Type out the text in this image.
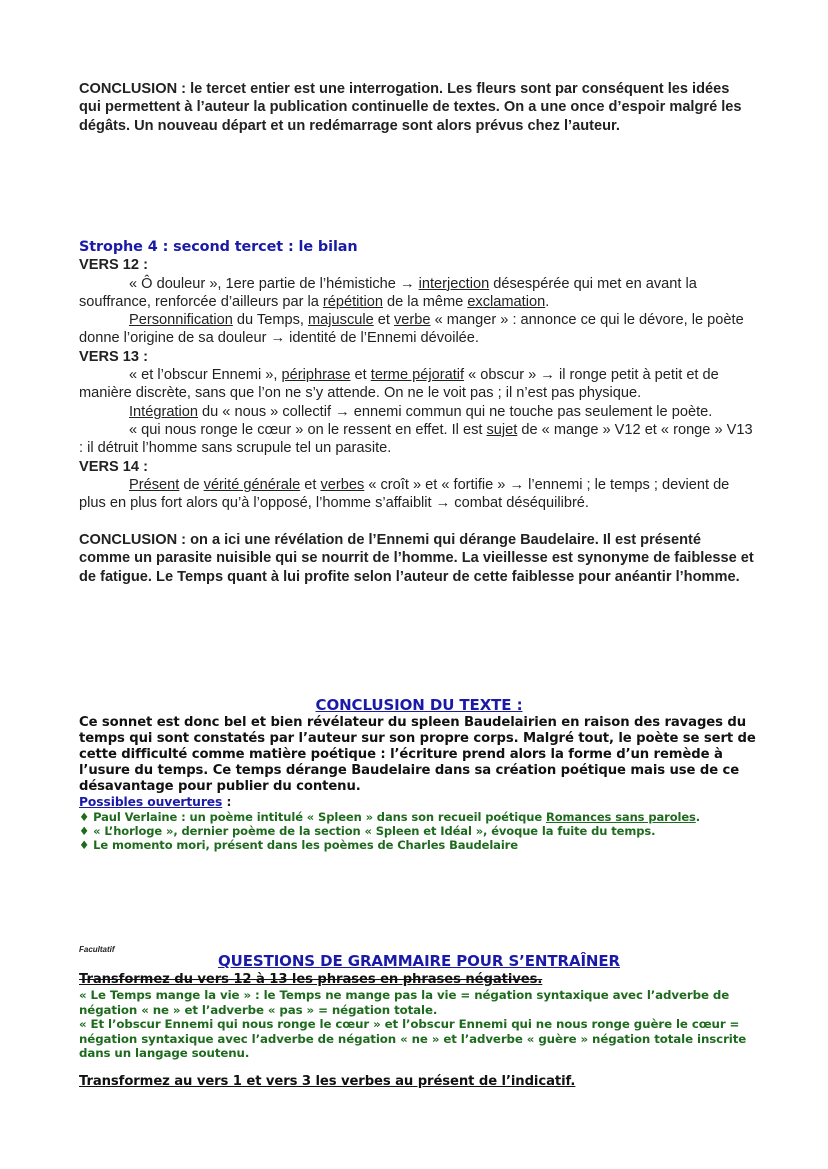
CONCLUSION : le tercet entier est une interrogation. Les fleurs sont par conséquent les idées qui permettent à l’auteur la publication continuelle de textes. On a une once d’espoir malgré les dégâts. Un nouveau départ et un redémarrage sont alors prévus chez l’auteur.

Strophe 4 : second tercet : le bilan

VERS 12 :

« Ô douleur », 1ere partie de l’hémistiche → interjection désespérée qui met en avant la souffrance, renforcée d’ailleurs par la répétition de la même exclamation.

Personnification du Temps, majuscule et verbe « manger » : annonce ce qui le dévore, le poète donne l’origine de sa douleur → identité de l’Ennemi dévoilée.

VERS 13 :

« et l’obscur Ennemi », périphrase et terme péjoratif « obscur » → il ronge petit à petit et de manière discrète, sans que l’on ne s’y attende. On ne le voit pas ; il n’est pas physique.

Intégration du « nous » collectif → ennemi commun qui ne touche pas seulement le poète.

« qui nous ronge le cœur » on le ressent en effet. Il est sujet de « mange » V12 et « ronge » V13 : il détruit l’homme sans scrupule tel un parasite.

VERS 14 :

Présent de vérité générale et verbes « croît » et « fortifie » → l’ennemi ; le temps ; devient de plus en plus fort alors qu’à l’opposé, l’homme s’affaiblit → combat déséquilibré.

CONCLUSION : on a ici une révélation de l’Ennemi qui dérange Baudelaire. Il est présenté comme un parasite nuisible qui se nourrit de l’homme. La vieillesse est synonyme de faiblesse et de fatigue. Le Temps quant à lui profite selon l’auteur de cette faiblesse pour anéantir l’homme.

CONCLUSION DU TEXTE :

Ce sonnet est donc bel et bien révélateur du spleen Baudelairien en raison des ravages du temps qui sont constatés par l’auteur sur son propre corps. Malgré tout, le poète se sert de cette difficulté comme matière poétique : l’écriture prend alors la forme d’un remède à l’usure du temps. Ce temps dérange Baudelaire dans sa création poétique mais use de ce désavantage pour publier du contenu.

Possibles ouvertures :

♦ Paul Verlaine : un poème intitulé « Spleen » dans son recueil poétique Romances sans paroles.

♦ « L’horloge », dernier poème de la section « Spleen et Idéal », évoque la fuite du temps.

♦ Le momento mori, présent dans les poèmes de Charles Baudelaire

Facultatif

QUESTIONS DE GRAMMAIRE POUR S’ENTRAÎNER

Transformez du vers 12 à 13 les phrases en phrases négatives.

« Le Temps mange la vie » : le Temps ne mange pas la vie = négation syntaxique avec l’adverbe de négation « ne » et l’adverbe « pas » = négation totale.

« Et l’obscur Ennemi qui nous ronge le cœur » et l’obscur Ennemi qui ne nous ronge guère le cœur = négation syntaxique avec l’adverbe de négation « ne » et l’adverbe « guère » négation totale inscrite dans un langage soutenu.

Transformez au vers 1 et vers 3 les verbes au présent de l’indicatif.
